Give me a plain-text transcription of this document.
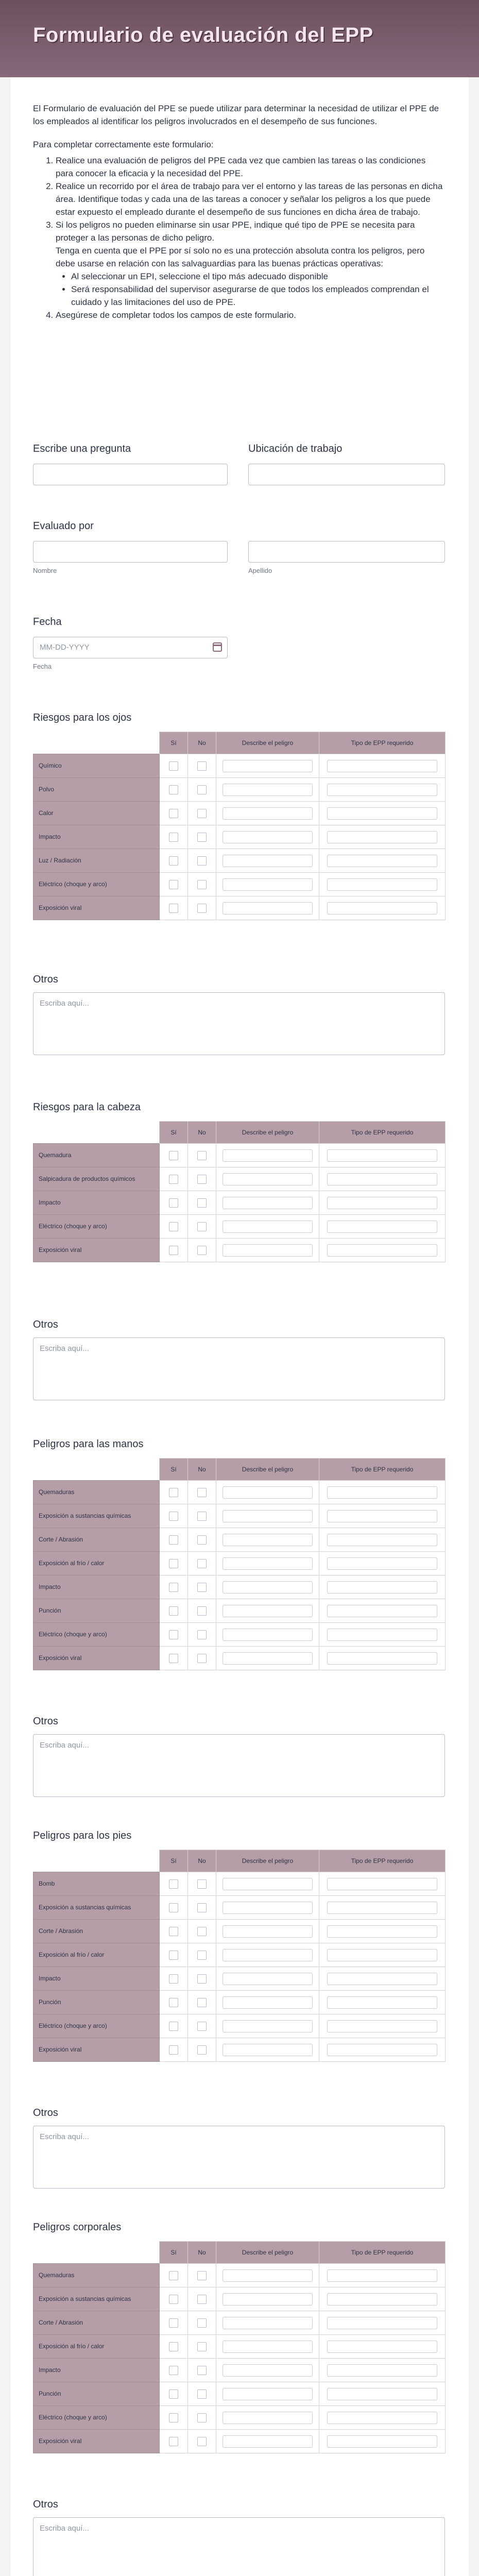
Formulario de evaluación del EPP

El Formulario de evaluación del PPE se puede utilizar para determinar la necesidad de utilizar el PPE de los empleados al identificar los peligros involucrados en el desempeño de sus funciones.

Para completar correctamente este formulario:

1. Realice una evaluación de peligros del PPE cada vez que cambien las tareas o las condiciones para conocer la eficacia y la necesidad del PPE.
2. Realice un recorrido por el área de trabajo para ver el entorno y las tareas de las personas en dicha área. Identifique todas y cada una de las tareas a conocer y señalar los peligros a los que puede estar expuesto el empleado durante el desempeño de sus funciones en dicha área de trabajo.
3. Si los peligros no pueden eliminarse sin usar PPE, indique qué tipo de PPE se necesita para proteger a las personas de dicho peligro.
Tenga en cuenta que el PPE por sí solo no es una protección absoluta contra los peligros, pero debe usarse en relación con las salvaguardias para las buenas prácticas operativas:
• Al seleccionar un EPI, seleccione el tipo más adecuado disponible
• Será responsabilidad del supervisor asegurarse de que todos los empleados comprendan el cuidado y las limitaciones del uso de PPE.
4. Asegúrese de completar todos los campos de este formulario.
Escribe una pregunta	Ubicación de trabajo
Evaluado por
Nombre	Apellido
Fecha
MM-DD-YYYY
Fecha
Riesgos para los ojos
	Sí	No	Describe el peligro	Tipo de EPP requerido
Químico	

Polvo	

Calor	

Impacto	

Luz / Radiación	

Eléctrico (choque y arco)	

Exposición viral	

Otros
Escriba aquí...
Riesgos para la cabeza
	Sí	No	Describe el peligro	Tipo de EPP requerido
Quemadura	

Salpicadura de productos químicos	

Impacto	

Eléctrico (choque y arco)	

Exposición viral	

Otros
Escriba aquí...
Peligros para las manos
	Sí	No	Describe el peligro	Tipo de EPP requerido
Quemaduras	

Exposición a sustancias químicas	

Corte / Abrasión	

Exposición al frío / calor	

Impacto	

Punción	

Eléctrico (choque y arco)	

Exposición viral	

Otros
Escriba aquí...
Peligros para los pies
	Sí	No	Describe el peligro	Tipo de EPP requerido
Bomb	

Exposición a sustancias químicas	

Corte / Abrasión	

Exposición al frío / calor	

Impacto	

Punción	

Eléctrico (choque y arco)	

Exposición viral	

Otros
Escriba aquí...
Peligros corporales
	Sí	No	Describe el peligro	Tipo de EPP requerido
Quemaduras	

Exposición a sustancias químicas	

Corte / Abrasión	

Exposición al frío / calor	

Impacto	

Punción	

Eléctrico (choque y arco)	

Exposición viral	

Otros
Escriba aquí...
